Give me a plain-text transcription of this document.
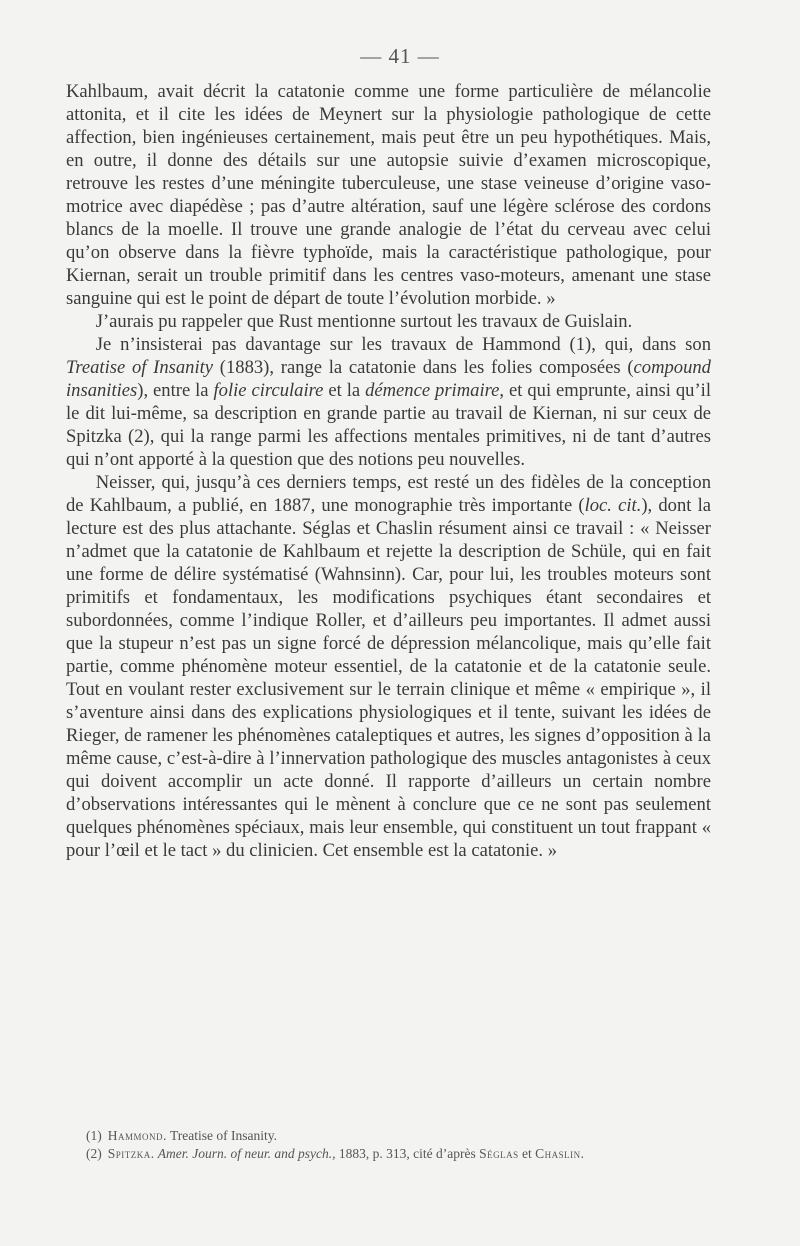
— 41 —

Kahlbaum, avait décrit la catatonie comme une forme particulière de mélancolie attonita, et il cite les idées de Meynert sur la physiologie pathologique de cette affection, bien ingénieuses certainement, mais peut être un peu hypothétiques. Mais, en outre, il donne des détails sur une autopsie suivie d’examen microscopique, retrouve les restes d’une méningite tuberculeuse, une stase veineuse d’origine vaso-motrice avec diapédèse ; pas d’autre altération, sauf une légère sclérose des cordons blancs de la moelle. Il trouve une grande analogie de l’état du cerveau avec celui qu’on observe dans la fièvre typhoïde, mais la caractéristique pathologique, pour Kiernan, serait un trouble primitif dans les centres vaso-moteurs, amenant une stase sanguine qui est le point de départ de toute l’évolution morbide. »

J’aurais pu rappeler que Rust mentionne surtout les travaux de Guislain.

Je n’insisterai pas davantage sur les travaux de Hammond (1), qui, dans son Treatise of Insanity (1883), range la catatonie dans les folies composées (compound insanities), entre la folie circulaire et la démence primaire, et qui emprunte, ainsi qu’il le dit lui-même, sa description en grande partie au travail de Kiernan, ni sur ceux de Spitzka (2), qui la range parmi les affections mentales primitives, ni de tant d’autres qui n’ont apporté à la question que des notions peu nouvelles.

Neisser, qui, jusqu’à ces derniers temps, est resté un des fidèles de la conception de Kahlbaum, a publié, en 1887, une monographie très importante (loc. cit.), dont la lecture est des plus attachante. Séglas et Chaslin résument ainsi ce travail : « Neisser n’admet que la catatonie de Kahlbaum et rejette la description de Schüle, qui en fait une forme de délire systématisé (Wahnsinn). Car, pour lui, les troubles moteurs sont primitifs et fondamentaux, les modifications psychiques étant secondaires et subordonnées, comme l’indique Roller, et d’ailleurs peu importantes. Il admet aussi que la stupeur n’est pas un signe forcé de dépression mélancolique, mais qu’elle fait partie, comme phénomène moteur essentiel, de la catatonie et de la catatonie seule. Tout en voulant rester exclusivement sur le terrain clinique et même « empirique », il s’aventure ainsi dans des explications physiologiques et il tente, suivant les idées de Rieger, de ramener les phénomènes cataleptiques et autres, les signes d’opposition à la même cause, c’est-à-dire à l’innervation pathologique des muscles antagonistes à ceux qui doivent accomplir un acte donné. Il rapporte d’ailleurs un certain nombre d’observations intéressantes qui le mènent à conclure que ce ne sont pas seulement quelques phénomènes spéciaux, mais leur ensemble, qui constituent un tout frappant « pour l’œil et le tact » du clinicien. Cet ensemble est la catatonie. »

(1) Hammond. Treatise of Insanity.

(2) Spitzka. Amer. Journ. of neur. and psych., 1883, p. 313, cité d’après Séglas et Chaslin.
